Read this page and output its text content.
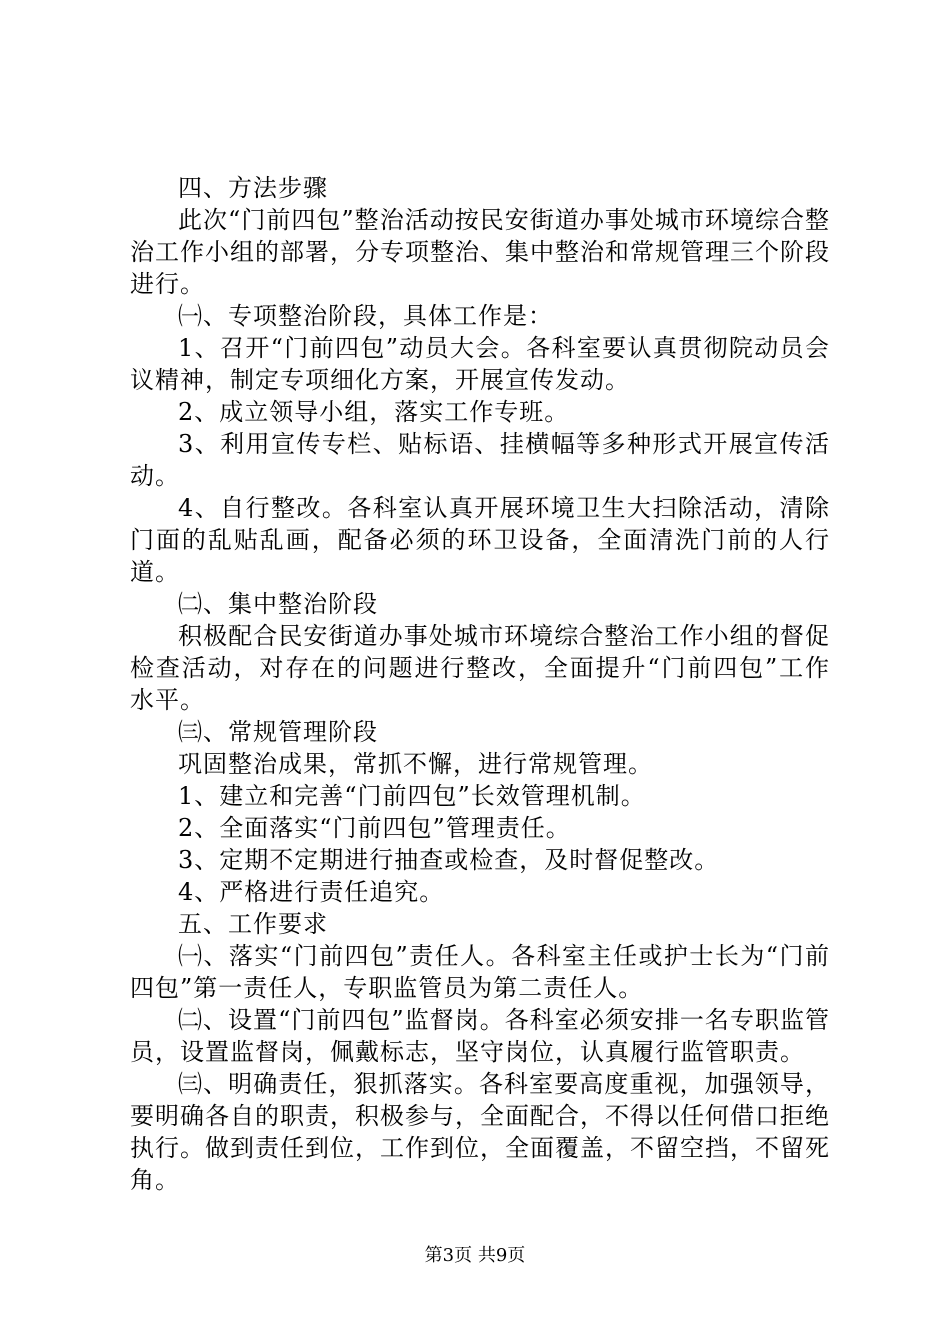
四、方法步骤

此次“门前四包”整治活动按民安街道办事处城市环境综合整治工作小组的部署，分专项整治、集中整治和常规管理三个阶段进行。

㈠、专项整治阶段，具体工作是：

1、召开“门前四包”动员大会。各科室要认真贯彻院动员会议精神，制定专项细化方案，开展宣传发动。

2、成立领导小组，落实工作专班。

3、利用宣传专栏、贴标语、挂横幅等多种形式开展宣传活动。

4、自行整改。各科室认真开展环境卫生大扫除活动，清除门面的乱贴乱画，配备必须的环卫设备，全面清洗门前的人行道。

㈡、集中整治阶段

积极配合民安街道办事处城市环境综合整治工作小组的督促检查活动，对存在的问题进行整改，全面提升“门前四包”工作水平。

㈢、常规管理阶段

巩固整治成果，常抓不懈，进行常规管理。

1、建立和完善“门前四包”长效管理机制。

2、全面落实“门前四包”管理责任。

3、定期不定期进行抽查或检查，及时督促整改。

4、严格进行责任追究。

五、工作要求

㈠、落实“门前四包”责任人。各科室主任或护士长为“门前四包”第一责任人，专职监管员为第二责任人。

㈡、设置“门前四包”监督岗。各科室必须安排一名专职监管员，设置监督岗，佩戴标志，坚守岗位，认真履行监管职责。

㈢、明确责任，狠抓落实。各科室要高度重视，加强领导，要明确各自的职责，积极参与，全面配合，不得以任何借口拒绝执行。做到责任到位，工作到位，全面覆盖，不留空挡，不留死角。

第3页 共9页
